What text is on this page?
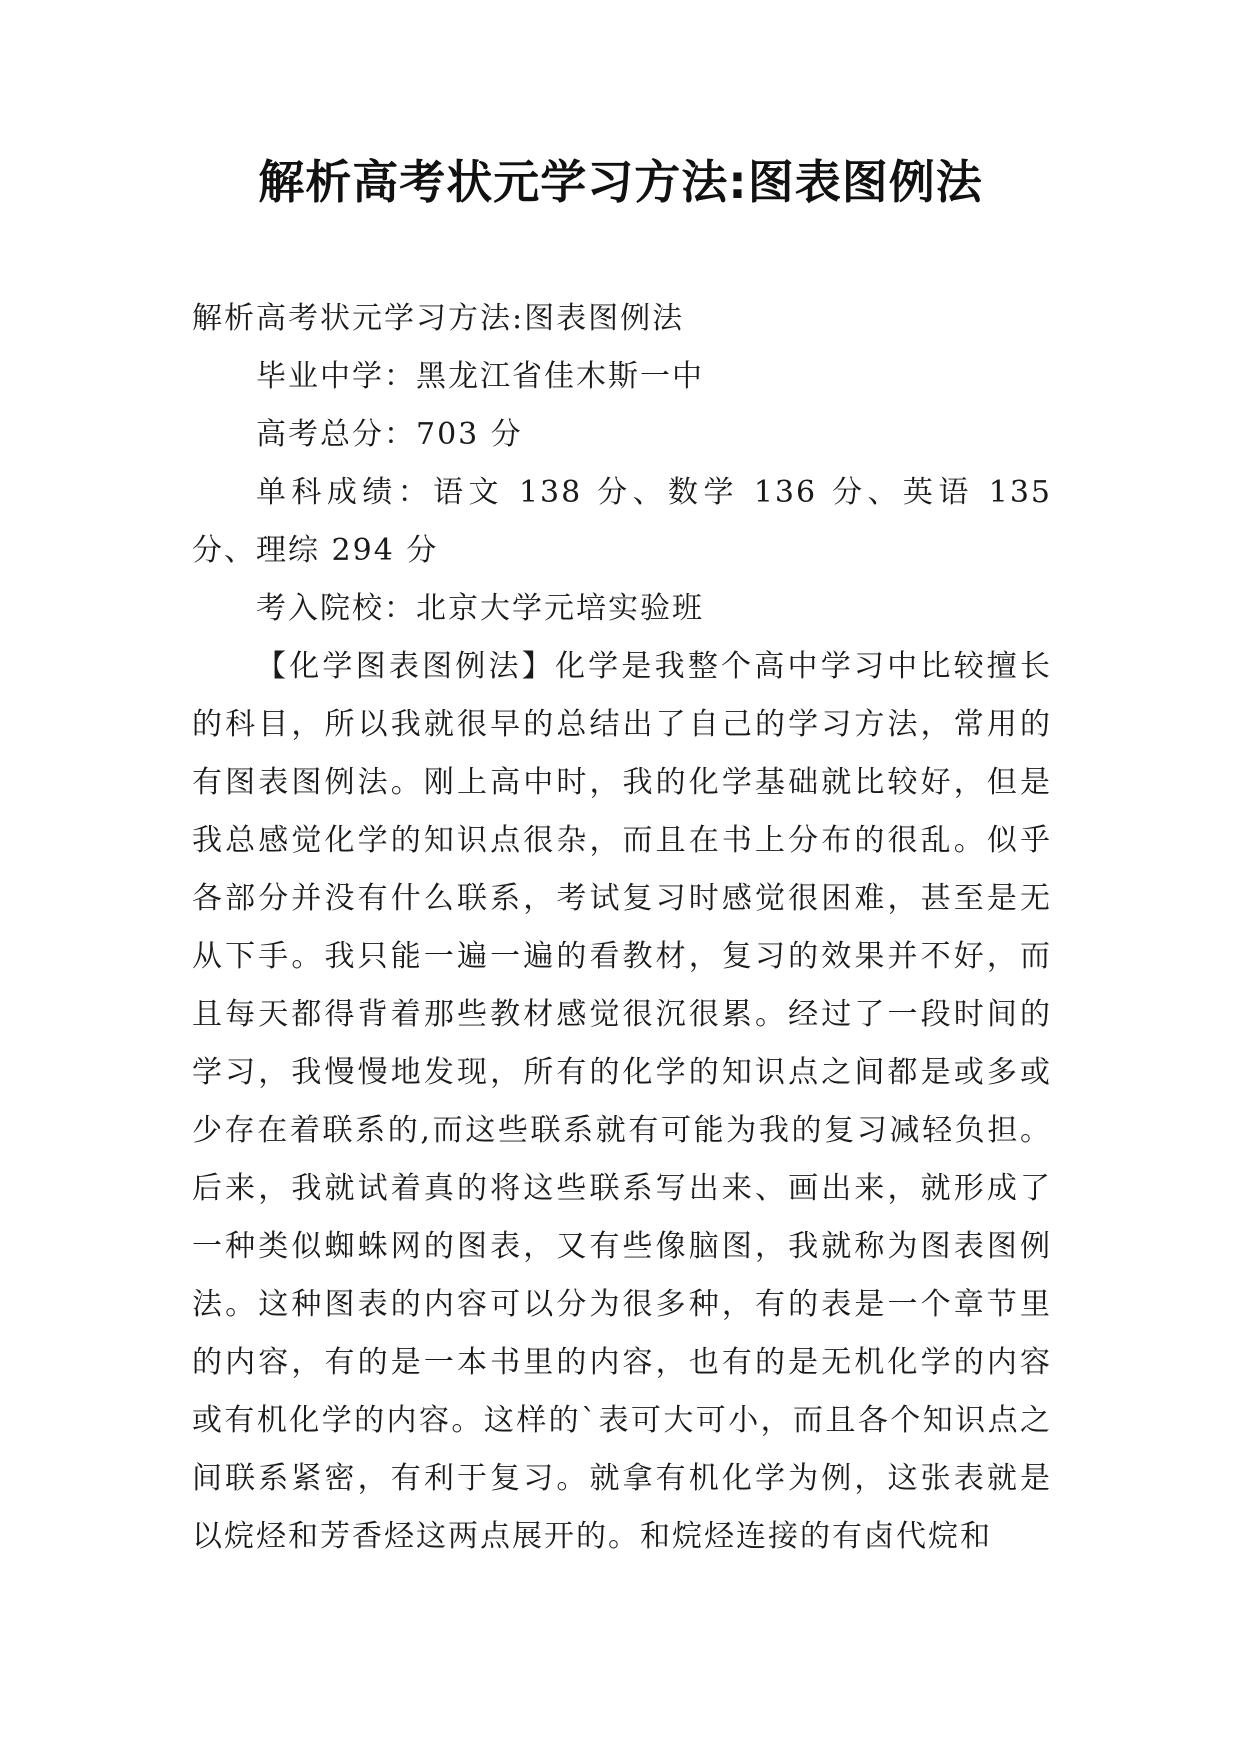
解析高考状元学习方法:图表图例法

解析高考状元学习方法:图表图例法

毕业中学：黑龙江省佳木斯一中

高考总分：703 分

单科成绩：语文 138 分、数学 136 分、英语 135 分、理综 294 分

考入院校：北京大学元培实验班

【化学图表图例法】化学是我整个高中学习中比较擅长的科目，所以我就很早的总结出了自己的学习方法，常用的有图表图例法。刚上高中时，我的化学基础就比较好，但是我总感觉化学的知识点很杂，而且在书上分布的很乱。似乎各部分并没有什么联系，考试复习时感觉很困难，甚至是无从下手。我只能一遍一遍的看教材，复习的效果并不好，而且每天都得背着那些教材感觉很沉很累。经过了一段时间的学习，我慢慢地发现，所有的化学的知识点之间都是或多或少存在着联系的,而这些联系就有可能为我的复习减轻负担。后来，我就试着真的将这些联系写出来、画出来，就形成了一种类似蜘蛛网的图表，又有些像脑图，我就称为图表图例法。这种图表的内容可以分为很多种，有的表是一个章节里的内容，有的是一本书里的内容，也有的是无机化学的内容或有机化学的内容。这样的`表可大可小，而且各个知识点之间联系紧密，有利于复习。就拿有机化学为例，这张表就是以烷烃和芳香烃这两点展开的。和烷烃连接的有卤代烷和
